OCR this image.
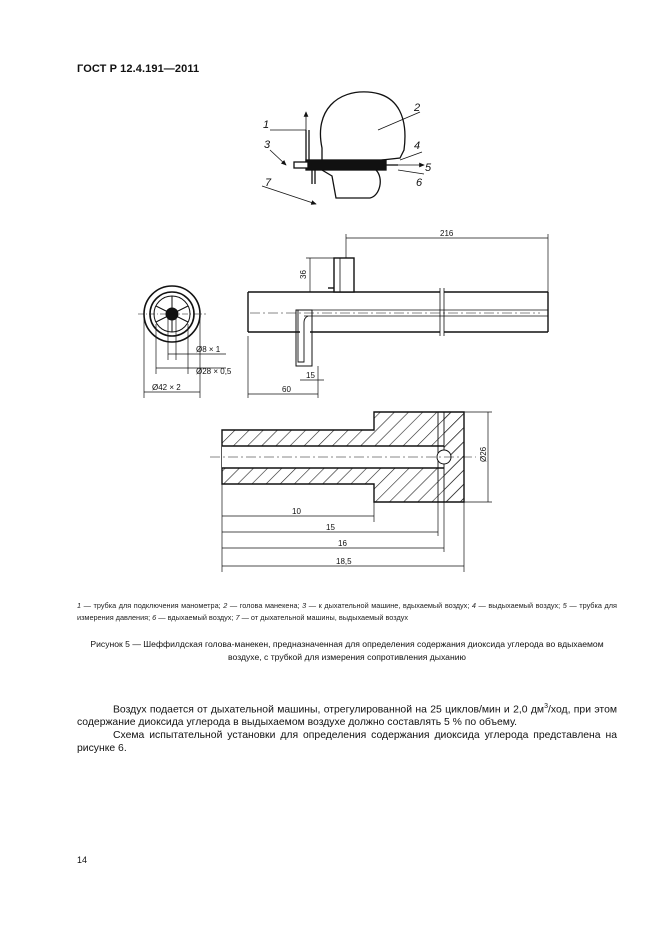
ГОСТ Р 12.4.191—2011
1
2
3	4
5
6
7
Ø8 × 1
Ø28 × 0,5
Ø42 × 2
216
36
60
15
10
15
16
18,5
Ø26
1 — трубка для подключения манометра; 2 — голова манекена; 3 — к дыхательной машине, вдыхаемый воздух; 4 — выдыхаемый воздух; 5 — трубка для измерения давления; 6 — вдыхаемый воздух; 7 — от дыхательной машины, выдыхаемый воздух
Рисунок 5 — Шеффилдская голова-манекен, предназначенная для определения содержания диоксида углерода во вдыхаемом воздухе, с трубкой для измерения сопротивления дыханию

Воздух подается от дыхательной машины, отрегулированной на 25 циклов/мин и 2,0 $дм^3$/ход, при этом содержание диоксида углерода в выдыхаемом воздухе должно составлять 5 % по объему.

Схема испытательной установки для определения содержания диоксида углерода представлена на рисунке 6.

14
